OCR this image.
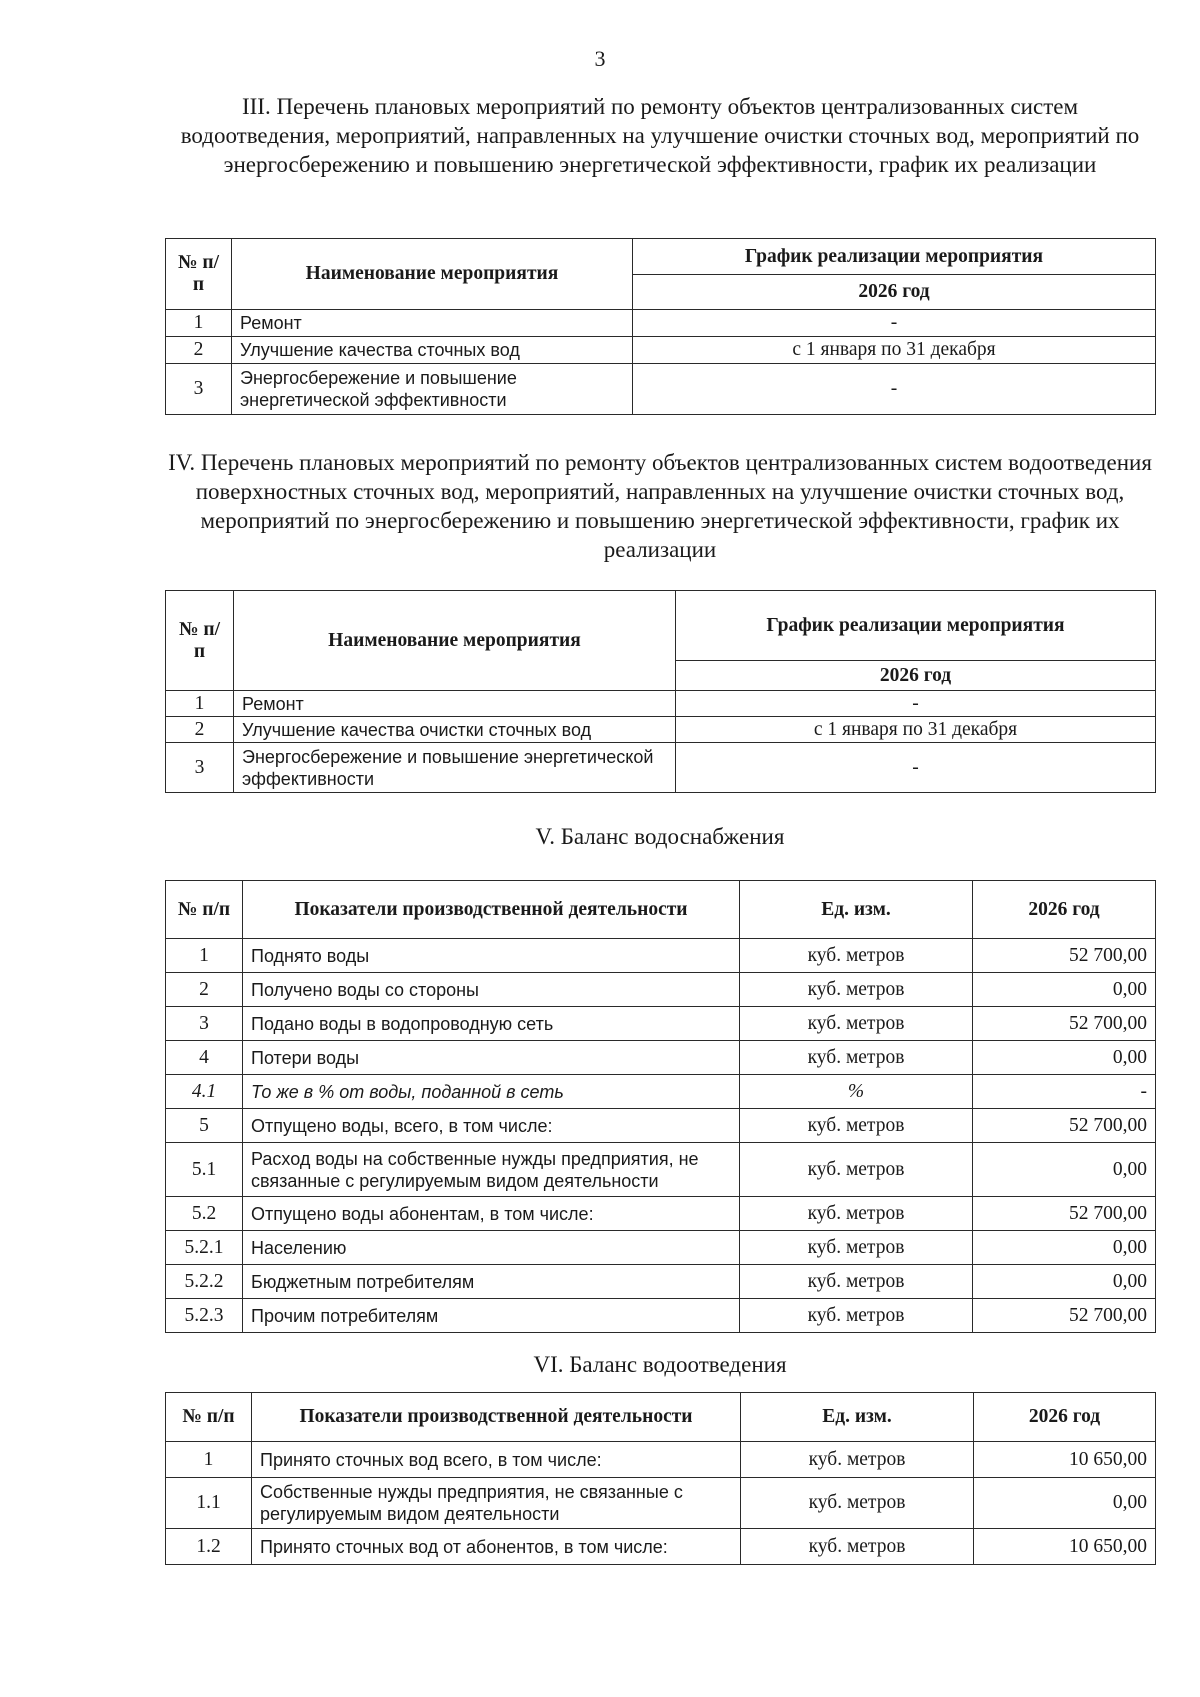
3
III. Перечень плановых мероприятий по ремонту объектов централизованных систем водоотведения, мероприятий, направленных на улучшение очистки сточных вод, мероприятий по энергосбережению и повышению энергетической эффективности, график их реализации
№ п/п	Наименование мероприятия	График реализации мероприятия
		2026 год
1	Ремонт	-
2	Улучшение качества сточных вод	с 1 января по 31 декабря
3	Энергосбережение и повышение энергетической эффективности	-
IV. Перечень плановых мероприятий по ремонту объектов централизованных систем водоотведения поверхностных сточных вод, мероприятий, направленных на улучшение очистки сточных вод, мероприятий по энергосбережению и повышению энергетической эффективности, график их реализации
№ п/п	Наименование мероприятия	График реализации мероприятия
		2026 год
1	Ремонт	-
2	Улучшение качества очистки сточных вод	с 1 января по 31 декабря
3	Энергосбережение и повышение энергетической эффективности	-
V. Баланс водоснабжения
№ п/п	Показатели производственной деятельности	Ед. изм.	2026 год
1	Поднято воды	куб. метров	52 700,00
2	Получено воды со стороны	куб. метров	0,00
3	Подано воды в водопроводную сеть	куб. метров	52 700,00
4	Потери воды	куб. метров	0,00
4.1	То же в % от воды, поданной в сеть	%	-
5	Отпущено воды, всего, в том числе:	куб. метров	52 700,00
5.1	Расход воды на собственные нужды предприятия, не связанные с регулируемым видом деятельности	куб. метров	0,00
5.2	Отпущено воды абонентам, в том числе:	куб. метров	52 700,00
5.2.1	Населению	куб. метров	0,00
5.2.2	Бюджетным потребителям	куб. метров	0,00
5.2.3	Прочим потребителям	куб. метров	52 700,00
VI. Баланс водоотведения
№ п/п	Показатели производственной деятельности	Ед. изм.	2026 год
1	Принято сточных вод всего, в том числе:	куб. метров	10 650,00
1.1	Собственные нужды предприятия, не связанные с регулируемым видом деятельности	куб. метров	0,00
1.2	Принято сточных вод от абонентов, в том числе:	куб. метров	10 650,00
